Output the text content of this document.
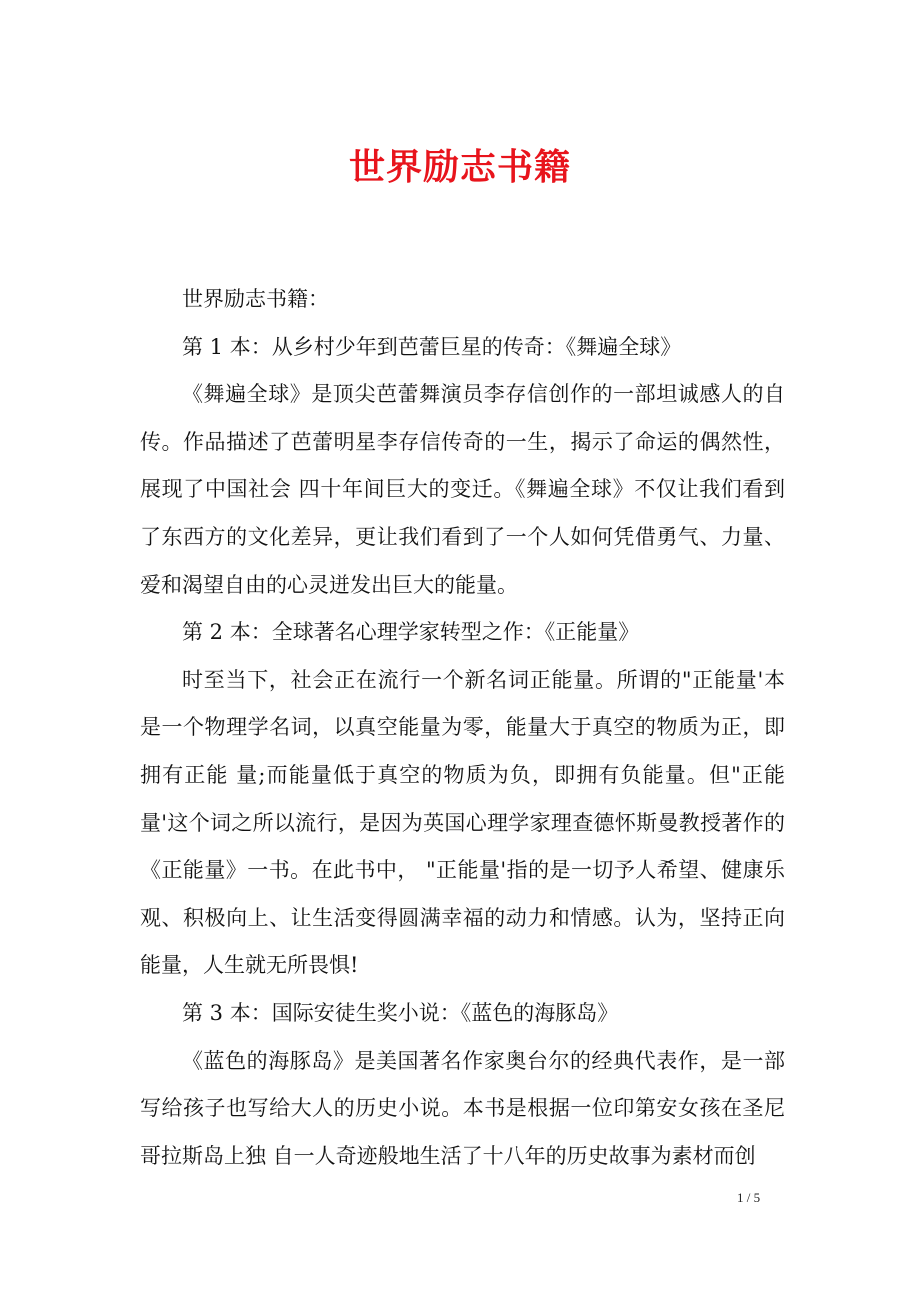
世界励志书籍

世界励志书籍：

第 1 本：从乡村少年到芭蕾巨星的传奇：《舞遍全球》

《舞遍全球》是顶尖芭蕾舞演员李存信创作的一部坦诚感人的自传。作品描述了芭蕾明星李存信传奇的一生，揭示了命运的偶然性，展现了中国社会 四十年间巨大的变迁。《舞遍全球》不仅让我们看到了东西方的文化差异，更让我们看到了一个人如何凭借勇气、力量、爱和渴望自由的心灵迸发出巨大的能量。

第 2 本：全球著名心理学家转型之作：《正能量》

时至当下，社会正在流行一个新名词正能量。所谓的"正能量'本是一个物理学名词，以真空能量为零，能量大于真空的物质为正，即拥有正能 量;而能量低于真空的物质为负，即拥有负能量。但"正能量'这个词之所以流行，是因为英国心理学家理查德怀斯曼教授著作的《正能量》一书。在此书中， "正能量'指的是一切予人希望、健康乐观、积极向上、让生活变得圆满幸福的动力和情感。认为，坚持正向能量，人生就无所畏惧!

第 3 本：国际安徒生奖小说：《蓝色的海豚岛》

《蓝色的海豚岛》是美国著名作家奥台尔的经典代表作，是一部写给孩子也写给大人的历史小说。本书是根据一位印第安女孩在圣尼哥拉斯岛上独 自一人奇迹般地生活了十八年的历史故事为素材而创

1 / 5
